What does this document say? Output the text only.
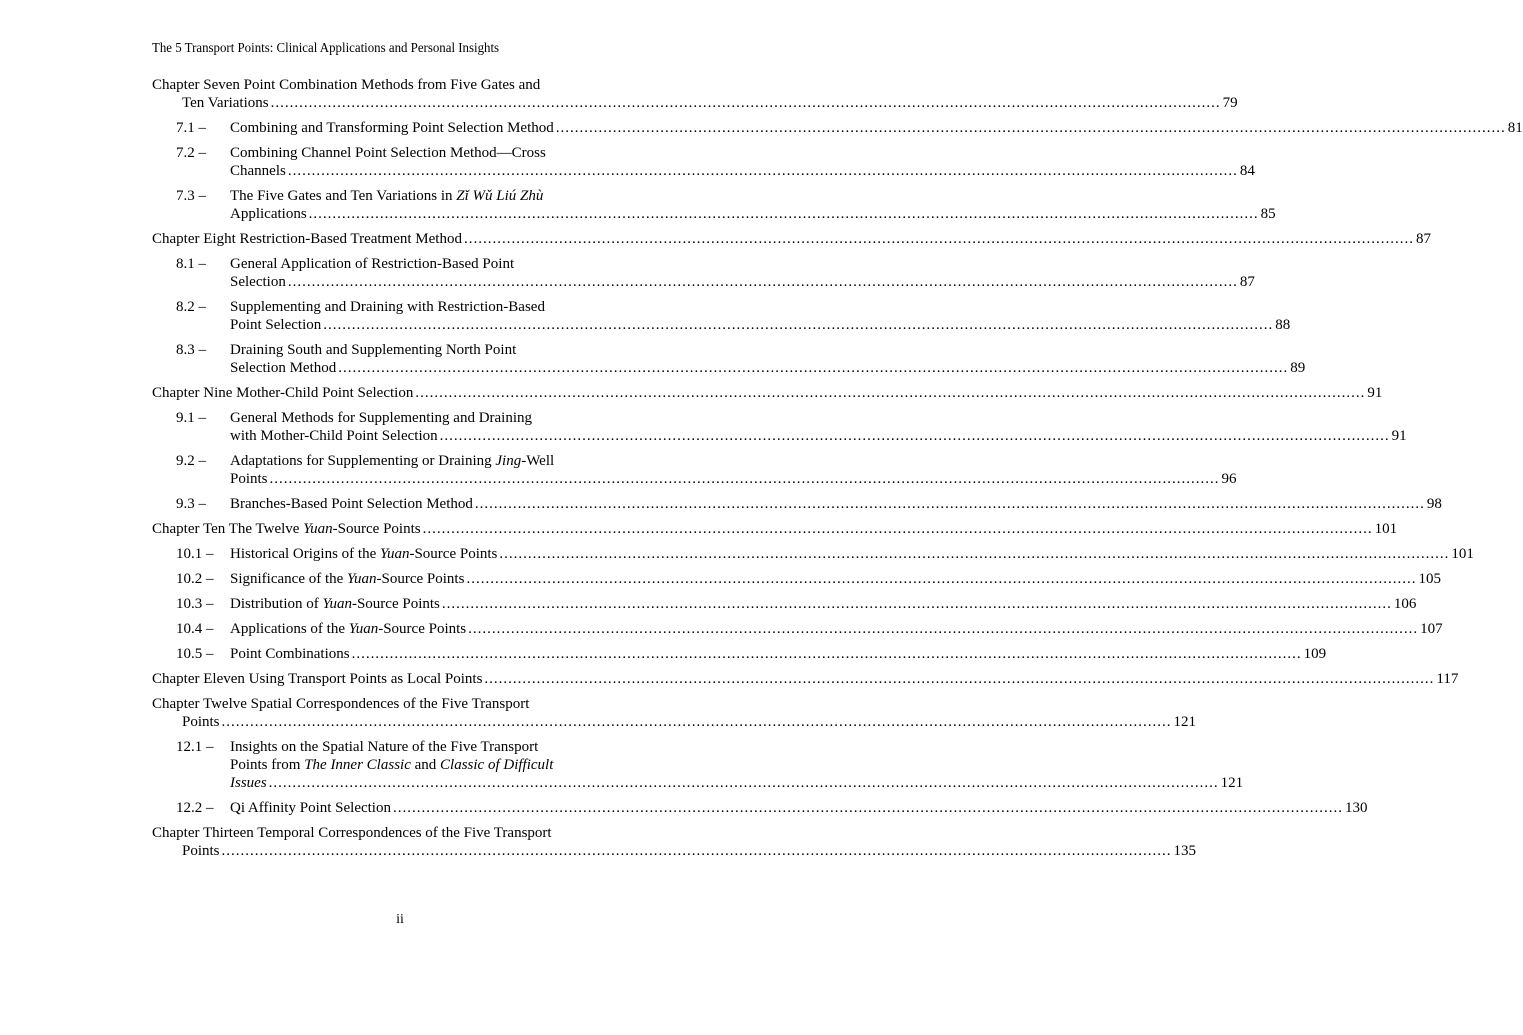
The 5 Transport Points: Clinical Applications and Personal Insights
Chapter Seven Point Combination Methods from Five Gates and
Ten Variations ........................................................................................................................................................................................................ 79
7.1 – Combining and Transforming Point Selection Method ........................................................................................................................................................................................................ 81
7.2 – Combining Channel Point Selection Method—Cross
Channels ........................................................................................................................................................................................................ 84
7.3 – The Five Gates and Ten Variations in Zǐ Wǔ Liú Zhù
Applications ........................................................................................................................................................................................................ 85
Chapter Eight Restriction-Based Treatment Method ........................................................................................................................................................................................................ 87
8.1 – General Application of Restriction-Based Point
Selection ........................................................................................................................................................................................................ 87
8.2 – Supplementing and Draining with Restriction-Based
Point Selection ........................................................................................................................................................................................................ 88
8.3 – Draining South and Supplementing North Point
Selection Method ........................................................................................................................................................................................................ 89
Chapter Nine Mother-Child Point Selection ........................................................................................................................................................................................................ 91
9.1 – General Methods for Supplementing and Draining
with Mother-Child Point Selection ........................................................................................................................................................................................................ 91
9.2 – Adaptations for Supplementing or Draining Jing-Well
Points ........................................................................................................................................................................................................ 96
9.3 – Branches-Based Point Selection Method ........................................................................................................................................................................................................ 98
Chapter Ten The Twelve Yuan-Source Points ........................................................................................................................................................................................................ 101
10.1 – Historical Origins of the Yuan-Source Points ........................................................................................................................................................................................................ 101
10.2 – Significance of the Yuan-Source Points ........................................................................................................................................................................................................ 105
10.3 – Distribution of Yuan-Source Points ........................................................................................................................................................................................................ 106
10.4 – Applications of the Yuan-Source Points ........................................................................................................................................................................................................ 107
10.5 – Point Combinations ........................................................................................................................................................................................................ 109
Chapter Eleven Using Transport Points as Local Points ........................................................................................................................................................................................................ 117
Chapter Twelve Spatial Correspondences of the Five Transport
Points ........................................................................................................................................................................................................ 121
12.1 – Insights on the Spatial Nature of the Five Transport
Points from The Inner Classic and Classic of Difficult
Issues ........................................................................................................................................................................................................ 121
12.2 – Qi Affinity Point Selection ........................................................................................................................................................................................................ 130
Chapter Thirteen Temporal Correspondences of the Five Transport
Points ........................................................................................................................................................................................................ 135
ii
